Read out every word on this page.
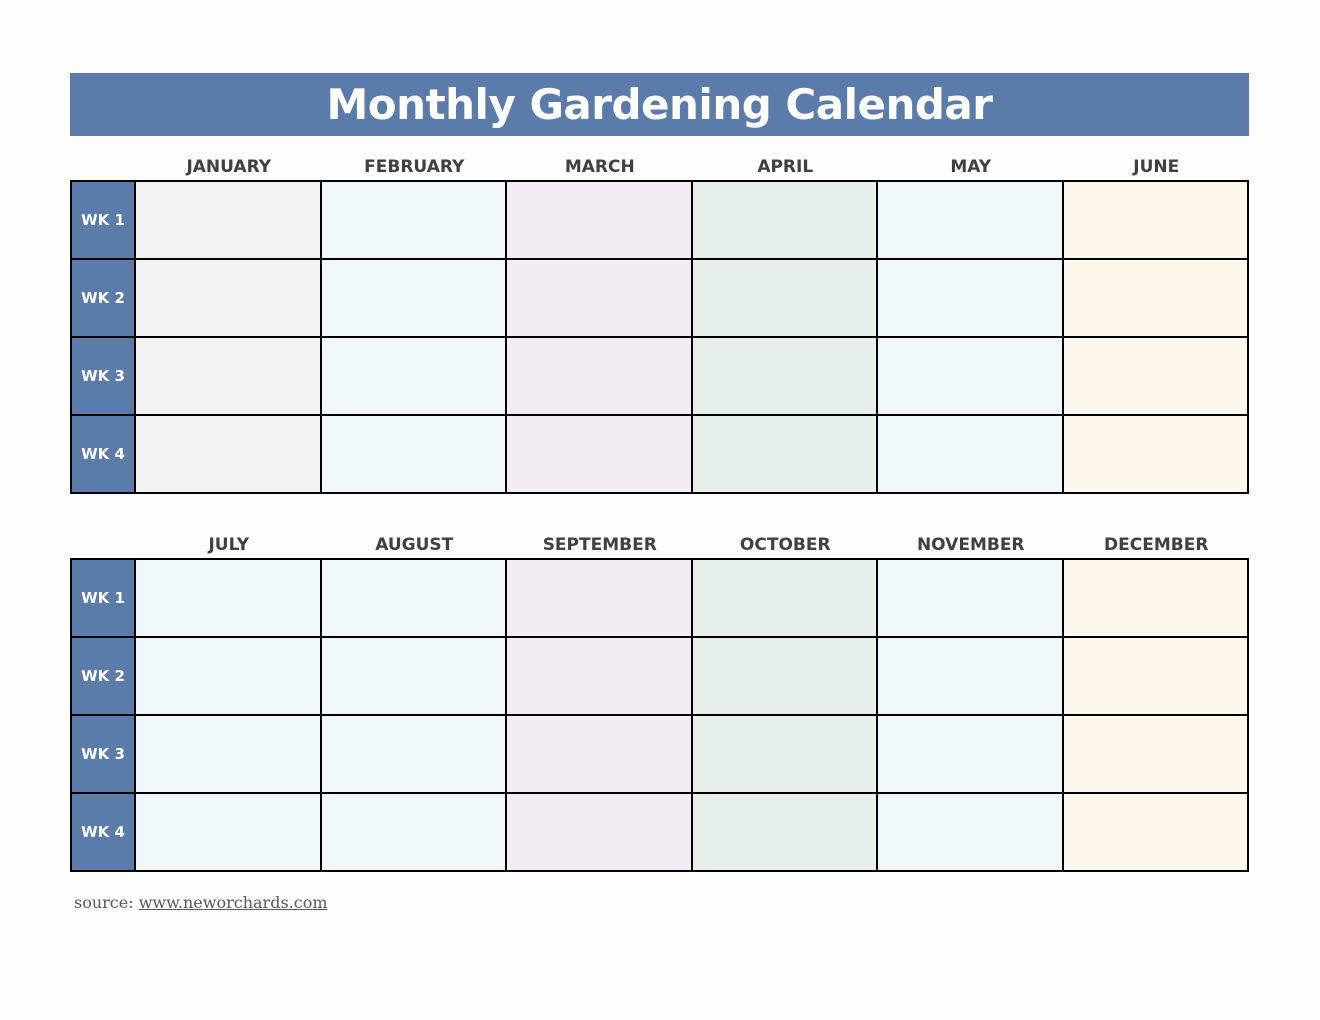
Monthly Gardening Calendar
JANUARY	FEBRUARY	MARCH	APRIL	MAY	JUNE
WK 1						
WK 2						
WK 3						
WK 4						
JULY	AUGUST	SEPTEMBER	OCTOBER	NOVEMBER	DECEMBER
WK 1						
WK 2						
WK 3						
WK 4						
source: www.neworchards.com
